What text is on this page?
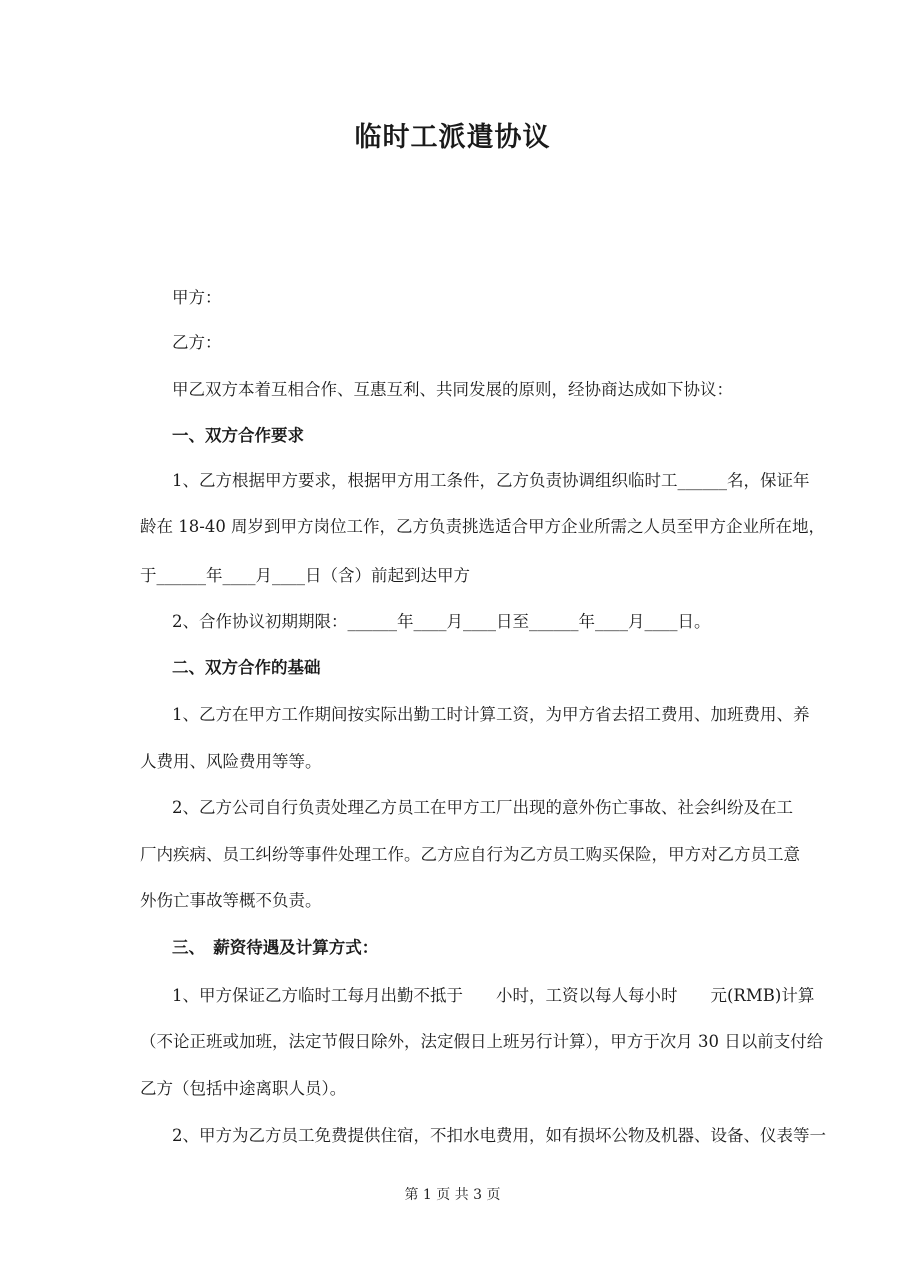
临时工派遣协议
甲方：
乙方：
甲乙双方本着互相合作、互惠互利、共同发展的原则，经协商达成如下协议：
一、双方合作要求
1、乙方根据甲方要求，根据甲方用工条件，乙方负责协调组织临时工______名，保证年
龄在 18-40 周岁到甲方岗位工作，乙方负责挑选适合甲方企业所需之人员至甲方企业所在地，
于______年____月____日（含）前起到达甲方
2、合作协议初期期限：______年____月____日至______年____月____日。
二、双方合作的基础
1、乙方在甲方工作期间按实际出勤工时计算工资，为甲方省去招工费用、加班费用、养
人费用、风险费用等等。
2、乙方公司自行负责处理乙方员工在甲方工厂出现的意外伤亡事故、社会纠纷及在工
厂内疾病、员工纠纷等事件处理工作。乙方应自行为乙方员工购买保险，甲方对乙方员工意
外伤亡事故等概不负责。
三、　薪资待遇及计算方式：
1、甲方保证乙方临时工每月出勤不抵于　　小时，工资以每人每小时　　元(RMB)计算
（不论正班或加班，法定节假日除外，法定假日上班另行计算），甲方于次月 30 日以前支付给
乙方（包括中途离职人员）。
2、甲方为乙方员工免费提供住宿，不扣水电费用，如有损坏公物及机器、设备、仪表等一
第 1 页 共 3 页
